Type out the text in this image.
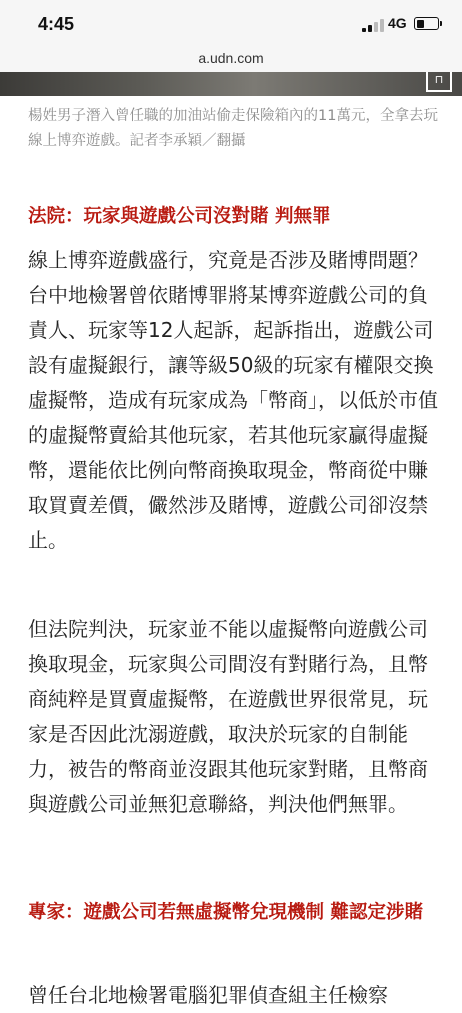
4:45	4G
a.udn.com
⊓
楊姓男子潛入曾任職的加油站偷走保險箱內的11萬元，全拿去玩線上博弈遊戲。記者李承穎／翻攝
法院：玩家與遊戲公司沒對賭 判無罪
線上博弈遊戲盛行，究竟是否涉及賭博問題？台中地檢署曾依賭博罪將某博弈遊戲公司的負責人、玩家等12人起訴，起訴指出，遊戲公司設有虛擬銀行，讓等級50級的玩家有權限交換虛擬幣，造成有玩家成為「幣商」，以低於市值的虛擬幣賣給其他玩家，若其他玩家贏得虛擬幣，還能依比例向幣商換取現金，幣商從中賺取買賣差價，儼然涉及賭博，遊戲公司卻沒禁止。
但法院判決，玩家並不能以虛擬幣向遊戲公司換取現金，玩家與公司間沒有對賭行為，且幣商純粹是買賣虛擬幣，在遊戲世界很常見，玩家是否因此沈溺遊戲，取決於玩家的自制能力，被告的幣商並沒跟其他玩家對賭，且幣商與遊戲公司並無犯意聯絡，判決他們無罪。
專家：遊戲公司若無虛擬幣兌現機制 難認定涉賭
曾任台北地檢署電腦犯罪偵查組主任檢察
